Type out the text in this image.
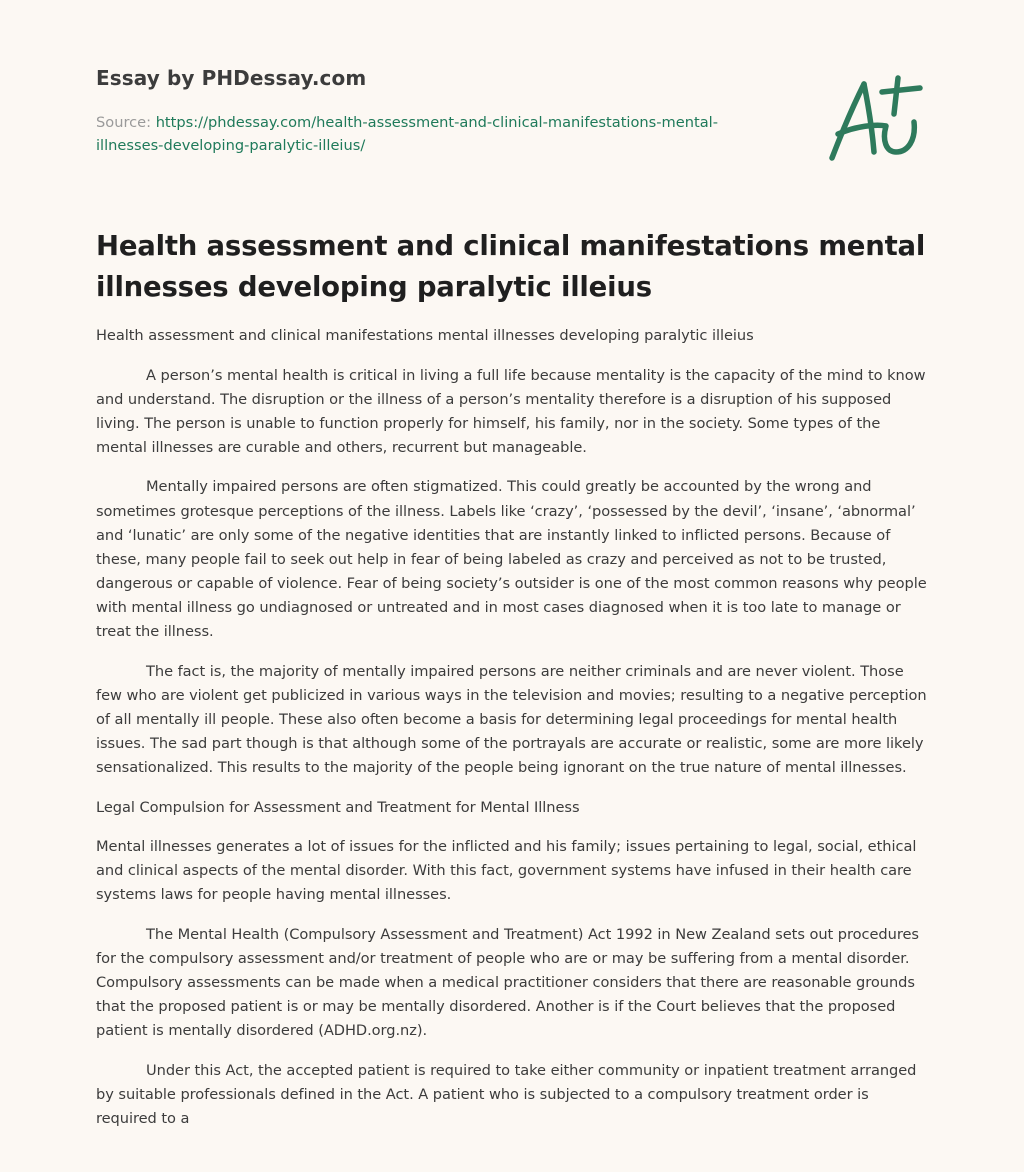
Essay by PHDessay.com
Source: https://phdessay.com/health-assessment-and-clinical-manifestations-mental-illnesses-developing-paralytic-illeius/
Health assessment and clinical manifestations mental illnesses developing paralytic illeius

Health assessment and clinical manifestations mental illnesses developing paralytic illeius

A person’s mental health is critical in living a full life because mentality is the capacity of the mind to know and understand. The disruption or the illness of a person’s mentality therefore is a disruption of his supposed living. The person is unable to function properly for himself, his family, nor in the society. Some types of the mental illnesses are curable and others, recurrent but manageable.

Mentally impaired persons are often stigmatized. This could greatly be accounted by the wrong and sometimes grotesque perceptions of the illness. Labels like ‘crazy’, ‘possessed by the devil’, ‘insane’, ‘abnormal’ and ‘lunatic’ are only some of the negative identities that are instantly linked to inflicted persons. Because of these, many people fail to seek out help in fear of being labeled as crazy and perceived as not to be trusted, dangerous or capable of violence. Fear of being society’s outsider is one of the most common reasons why people with mental illness go undiagnosed or untreated and in most cases diagnosed when it is too late to manage or treat the illness.

The fact is, the majority of mentally impaired persons are neither criminals and are never violent. Those few who are violent get publicized in various ways in the television and movies; resulting to a negative perception of all mentally ill people. These also often become a basis for determining legal proceedings for mental health issues. The sad part though is that although some of the portrayals are accurate or realistic, some are more likely sensationalized. This results to the majority of the people being ignorant on the true nature of mental illnesses.

Legal Compulsion for Assessment and Treatment for Mental Illness

Mental illnesses generates a lot of issues for the inflicted and his family; issues pertaining to legal, social, ethical and clinical aspects of the mental disorder. With this fact, government systems have infused in their health care systems laws for people having mental illnesses.

The Mental Health (Compulsory Assessment and Treatment) Act 1992 in New Zealand sets out procedures for the compulsory assessment and/or treatment of people who are or may be suffering from a mental disorder. Compulsory assessments can be made when a medical practitioner considers that there are reasonable grounds that the proposed patient is or may be mentally disordered. Another is if the Court believes that the proposed patient is mentally disordered (ADHD.org.nz).

Under this Act, the accepted patient is required to take either community or inpatient treatment arranged by suitable professionals defined in the Act. A patient who is subjected to a compulsory treatment order is required to a
